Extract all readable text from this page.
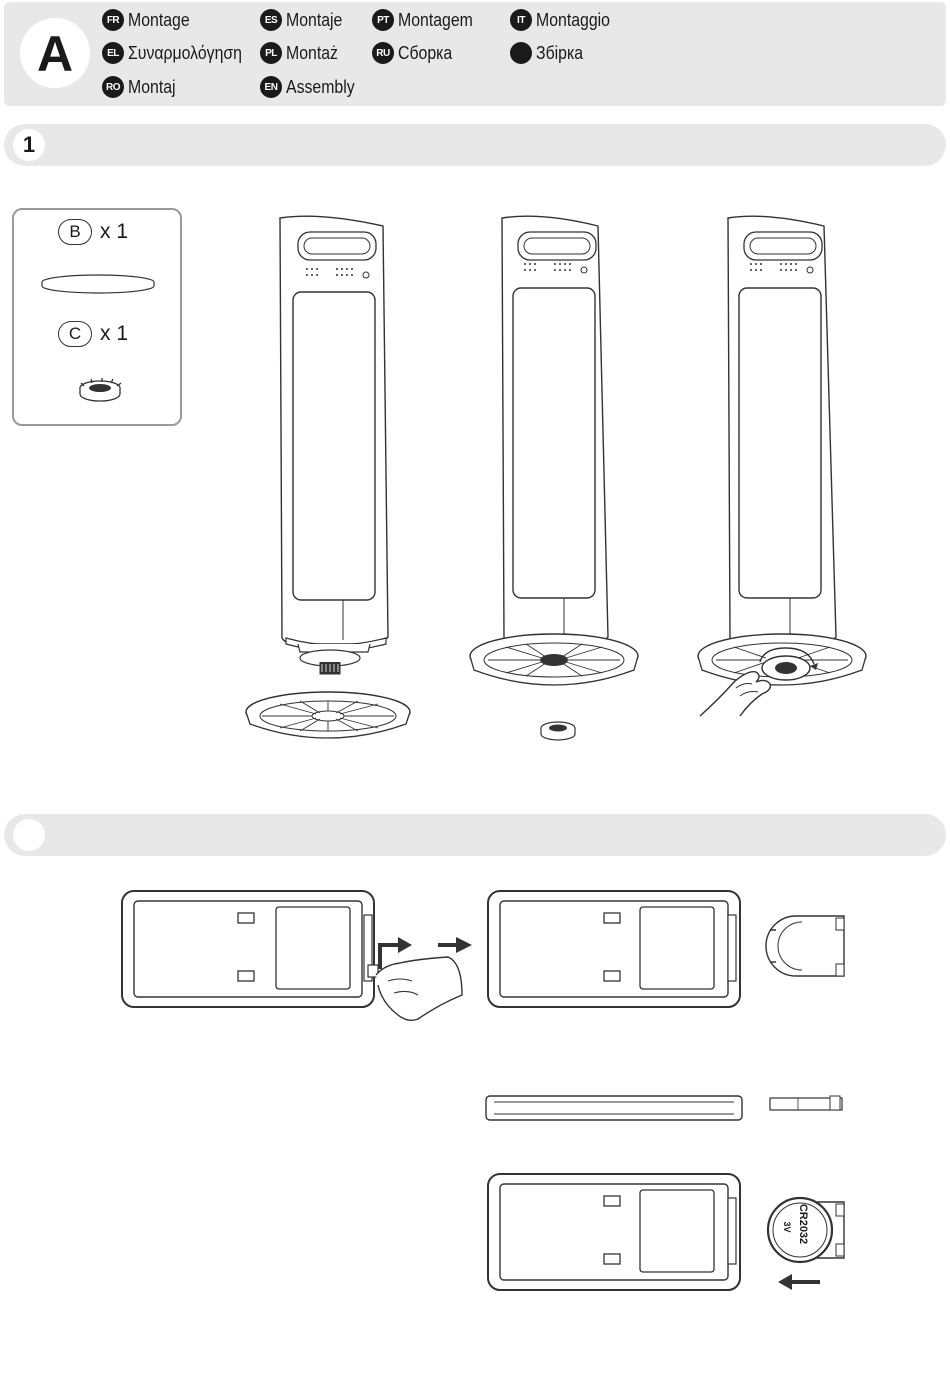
A
FR Montage	ES Montaje	PT Montagem	IT Montaggio
EL Συναρμολόγηση	PL Montaż	RU Сборка	Збірка
RO Montaj	EN Assembly
1
B x 1
C x 1
CR2032
3V
